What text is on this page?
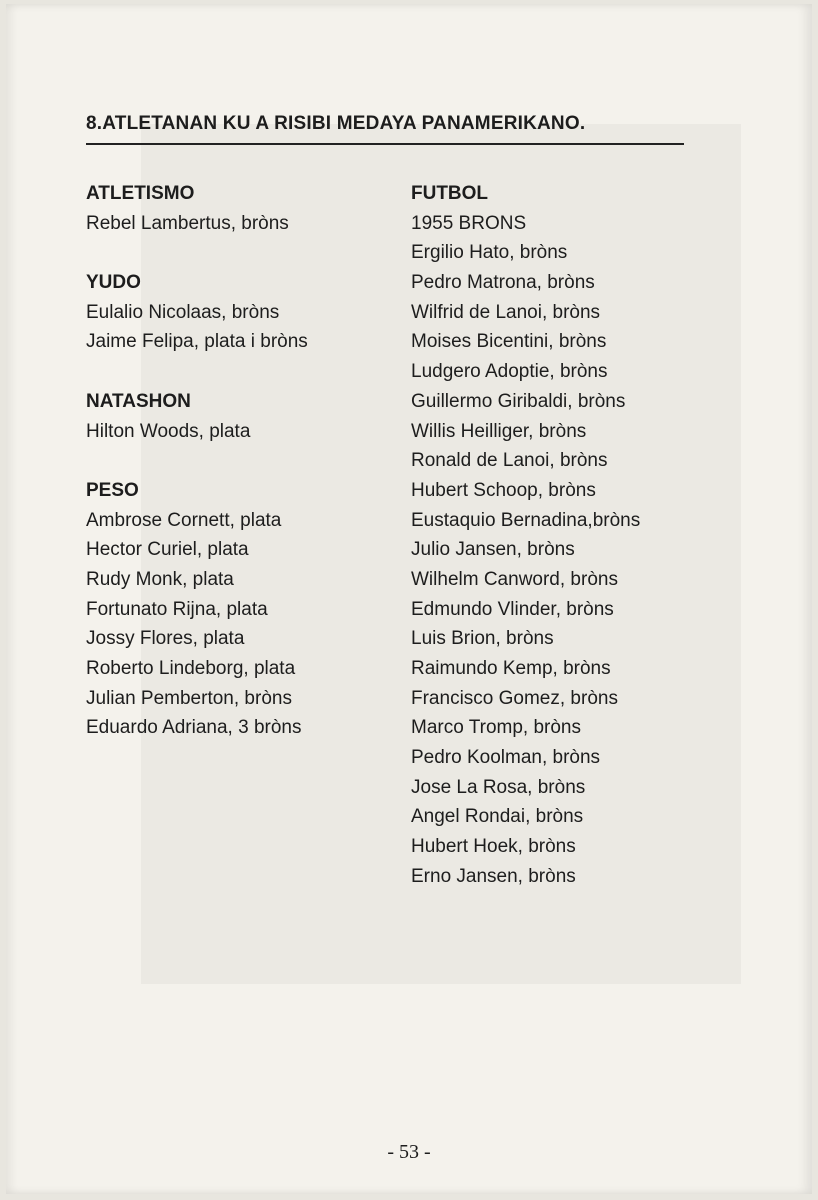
8.ATLETANAN KU A RISIBI MEDAYA PANAMERIKANO.
ATLETISMO
Rebel Lambertus, bròns
YUDO
Eulalio Nicolaas, bròns
Jaime Felipa, plata i bròns
NATASHON
Hilton Woods, plata
PESO
Ambrose Cornett, plata
Hector Curiel, plata
Rudy Monk, plata
Fortunato Rijna, plata
Jossy Flores, plata
Roberto Lindeborg, plata
Julian Pemberton, bròns
Eduardo Adriana, 3 bròns
FUTBOL
1955 BRONS
Ergilio Hato, bròns
Pedro Matrona, bròns
Wilfrid de Lanoi, bròns
Moises Bicentini, bròns
Ludgero Adoptie, bròns
Guillermo Giribaldi, bròns
Willis Heilliger, bròns
Ronald de Lanoi, bròns
Hubert Schoop, bròns
Eustaquio Bernadina,bròns
Julio Jansen, bròns
Wilhelm Canword, bròns
Edmundo Vlinder, bròns
Luis Brion, bròns
Raimundo Kemp, bròns
Francisco Gomez, bròns
Marco Tromp, bròns
Pedro Koolman, bròns
Jose La Rosa, bròns
Angel Rondai, bròns
Hubert Hoek, bròns
Erno Jansen, bròns
- 53 -
